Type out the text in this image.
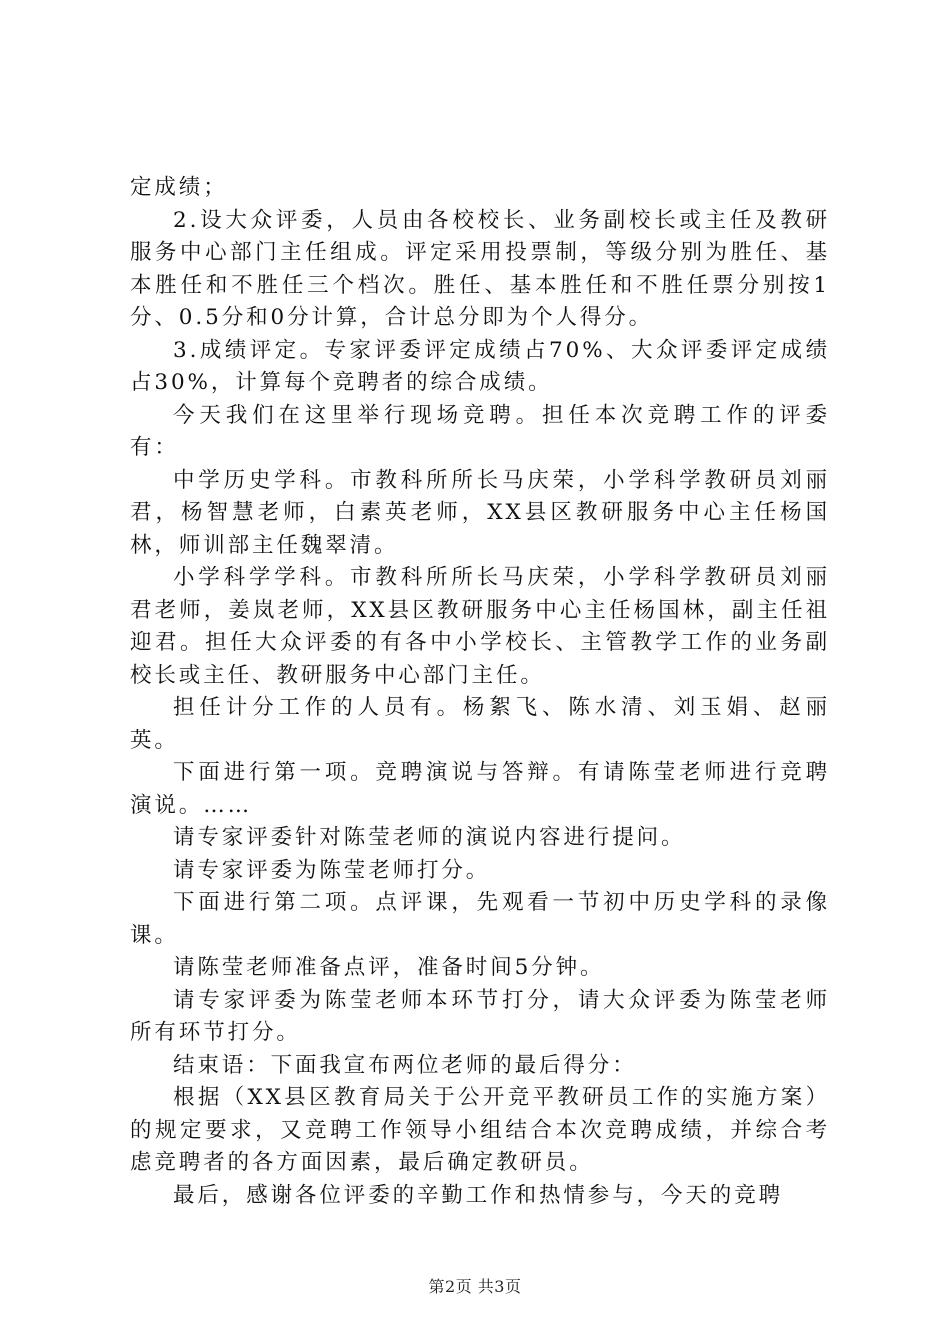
定成绩；

2.设大众评委，人员由各校校长、业务副校长或主任及教研服务中心部门主任组成。评定采用投票制，等级分别为胜任、基本胜任和不胜任三个档次。胜任、基本胜任和不胜任票分别按1分、0.5分和0分计算，合计总分即为个人得分。

3.成绩评定。专家评委评定成绩占70%、大众评委评定成绩占30%，计算每个竞聘者的综合成绩。

今天我们在这里举行现场竞聘。担任本次竞聘工作的评委有：

中学历史学科。市教科所所长马庆荣，小学科学教研员刘丽君，杨智慧老师，白素英老师，XX县区教研服务中心主任杨国林，师训部主任魏翠清。

小学科学学科。市教科所所长马庆荣，小学科学教研员刘丽君老师，姜岚老师，XX县区教研服务中心主任杨国林，副主任祖迎君。担任大众评委的有各中小学校长、主管教学工作的业务副校长或主任、教研服务中心部门主任。

担任计分工作的人员有。杨絮飞、陈水清、刘玉娟、赵丽英。

下面进行第一项。竞聘演说与答辩。有请陈莹老师进行竞聘演说。……

请专家评委针对陈莹老师的演说内容进行提问。

请专家评委为陈莹老师打分。

下面进行第二项。点评课，先观看一节初中历史学科的录像课。

请陈莹老师准备点评，准备时间5分钟。

请专家评委为陈莹老师本环节打分，请大众评委为陈莹老师所有环节打分。

结束语：下面我宣布两位老师的最后得分：

根据（XX县区教育局关于公开竞平教研员工作的实施方案）的规定要求，又竞聘工作领导小组结合本次竞聘成绩，并综合考虑竞聘者的各方面因素，最后确定教研员。

最后，感谢各位评委的辛勤工作和热情参与，今天的竞聘

第2页 共3页
